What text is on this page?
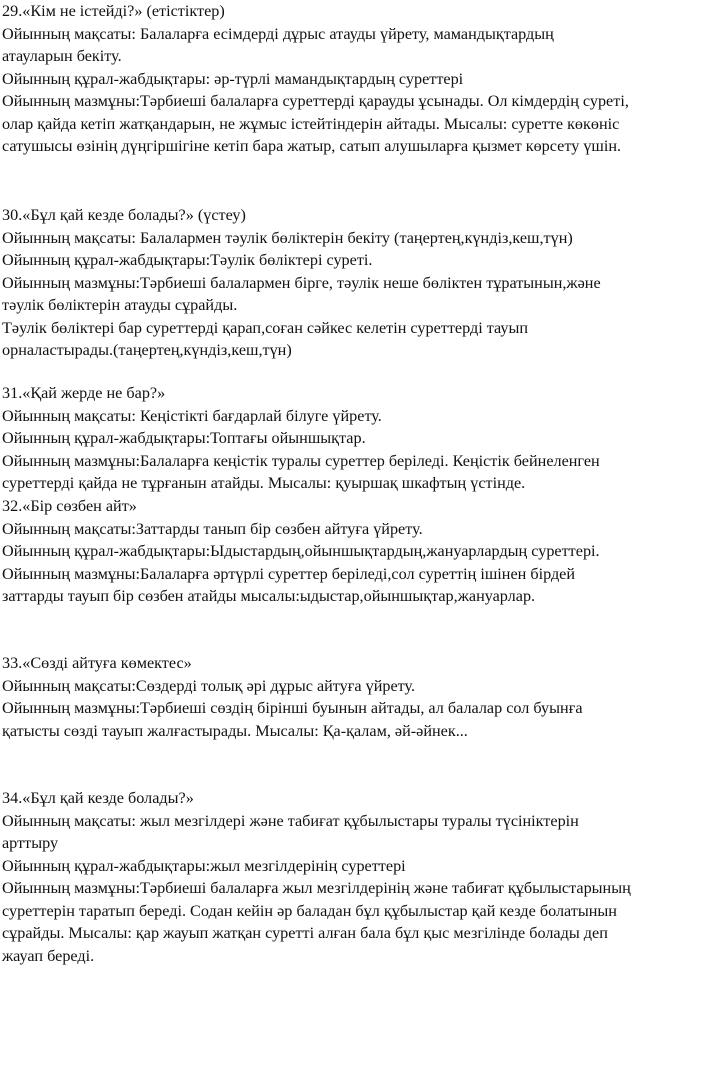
29.«Кім не істейді?» (етістіктер)

Ойынның мақсаты: Балаларға есімдерді дұрыс атауды үйрету, мамандықтардың

атауларын бекіту.

Ойынның құрал-жабдықтары: әр-түрлі мамандықтардың суреттері

Ойынның мазмұны:Тәрбиеші балаларға суреттерді қарауды ұсынады. Ол кімдердің суреті,

олар қайда кетіп жатқандарын, не жұмыс істейтіндерін айтады. Мысалы: суретте көкөніс

сатушысы өзінің дүңгіршігіне кетіп бара жатыр, сатып алушыларға қызмет көрсету үшін.

30.«Бұл қай кезде болады?» (үстеу)

Ойынның мақсаты: Балалармен тәулік бөліктерін бекіту (таңертең,күндіз,кеш,түн)

Ойынның құрал-жабдықтары:Тәулік бөліктері суреті.

Ойынның мазмұны:Тәрбиеші балалармен бірге, тәулік неше бөліктен тұратынын,және

тәулік бөліктерін атауды сұрайды.

Тәулік бөліктері бар суреттерді қарап,соған сәйкес келетін суреттерді тауып

орналастырады.(таңертең,күндіз,кеш,түн)

31.«Қай жерде не бар?»

Ойынның мақсаты: Кеңістікті бағдарлай білуге үйрету.

Ойынның құрал-жабдықтары:Топтағы ойыншықтар.

Ойынның мазмұны:Балаларға кеңістік туралы суреттер беріледі. Кеңістік бейнеленген

суреттерді қайда не тұрғанын атайды. Мысалы: қуыршақ шкафтың үстінде.

32.«Бір сөзбен айт»

Ойынның мақсаты:Заттарды танып бір сөзбен айтуға үйрету.

Ойынның құрал-жабдықтары:Ыдыстардың,ойыншықтардың,жануарлардың суреттері.

Ойынның мазмұны:Балаларға әртүрлі суреттер беріледі,сол суреттің ішінен бірдей

заттарды тауып бір сөзбен атайды мысалы:ыдыстар,ойыншықтар,жануарлар.

33.«Сөзді айтуға көмектес»

Ойынның мақсаты:Сөздерді толық әрі дұрыс айтуға үйрету.

Ойынның мазмұны:Тәрбиеші сөздің бірінші буынын айтады, ал балалар сол буынға

қатысты сөзді тауып жалғастырады. Мысалы: Қа-қалам, әй-әйнек...

34.«Бұл қай кезде болады?»

Ойынның мақсаты: жыл мезгілдері және табиғат құбылыстары туралы түсініктерін

арттыру

Ойынның құрал-жабдықтары:жыл мезгілдерінің суреттері

Ойынның мазмұны:Тәрбиеші балаларға жыл мезгілдерінің және табиғат құбылыстарының

суреттерін таратып береді. Содан кейін әр баладан бұл құбылыстар қай кезде болатынын

сұрайды. Мысалы: қар жауып жатқан суретті алған бала бұл қыс мезгілінде болады деп

жауап береді.
